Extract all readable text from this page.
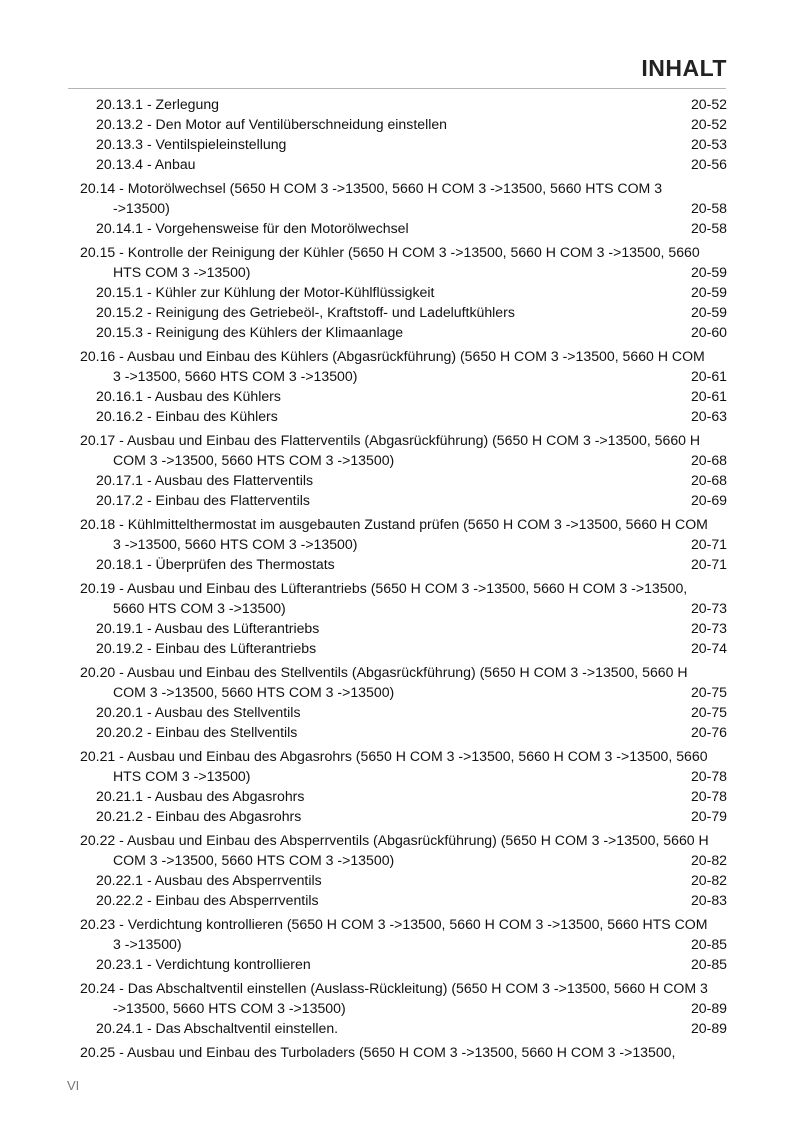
INHALT
20.13.1 - Zerlegung	20-52
20.13.2 - Den Motor auf Ventilüberschneidung einstellen	20-52
20.13.3 - Ventilspieleinstellung	20-53
20.13.4 - Anbau	20-56
20.14 - Motorölwechsel (5650 H COM 3 ->13500, 5660 H COM 3 ->13500, 5660 HTS COM 3
->13500)	20-58
20.14.1 - Vorgehensweise für den Motorölwechsel	20-58
20.15 - Kontrolle der Reinigung der Kühler (5650 H COM 3 ->13500, 5660 H COM 3 ->13500, 5660
HTS COM 3 ->13500)	20-59
20.15.1 - Kühler zur Kühlung der Motor-Kühlflüssigkeit	20-59
20.15.2 - Reinigung des Getriebeöl-, Kraftstoff- und Ladeluftkühlers	20-59
20.15.3 - Reinigung des Kühlers der Klimaanlage	20-60
20.16 - Ausbau und Einbau des Kühlers (Abgasrückführung) (5650 H COM 3 ->13500, 5660 H COM
3 ->13500, 5660 HTS COM 3 ->13500)	20-61
20.16.1 - Ausbau des Kühlers	20-61
20.16.2 - Einbau des Kühlers	20-63
20.17 - Ausbau und Einbau des Flatterventils (Abgasrückführung) (5650 H COM 3 ->13500, 5660 H
COM 3 ->13500, 5660 HTS COM 3 ->13500)	20-68
20.17.1 - Ausbau des Flatterventils	20-68
20.17.2 - Einbau des Flatterventils	20-69
20.18 - Kühlmittelthermostat im ausgebauten Zustand prüfen (5650 H COM 3 ->13500, 5660 H COM
3 ->13500, 5660 HTS COM 3 ->13500)	20-71
20.18.1 - Überprüfen des Thermostats	20-71
20.19 - Ausbau und Einbau des Lüfterantriebs (5650 H COM 3 ->13500, 5660 H COM 3 ->13500,
5660 HTS COM 3 ->13500)	20-73
20.19.1 - Ausbau des Lüfterantriebs	20-73
20.19.2 - Einbau des Lüfterantriebs	20-74
20.20 - Ausbau und Einbau des Stellventils (Abgasrückführung) (5650 H COM 3 ->13500, 5660 H
COM 3 ->13500, 5660 HTS COM 3 ->13500)	20-75
20.20.1 - Ausbau des Stellventils	20-75
20.20.2 - Einbau des Stellventils	20-76
20.21 - Ausbau und Einbau des Abgasrohrs (5650 H COM 3 ->13500, 5660 H COM 3 ->13500, 5660
HTS COM 3 ->13500)	20-78
20.21.1 - Ausbau des Abgasrohrs	20-78
20.21.2 - Einbau des Abgasrohrs	20-79
20.22 - Ausbau und Einbau des Absperrventils (Abgasrückführung) (5650 H COM 3 ->13500, 5660 H
COM 3 ->13500, 5660 HTS COM 3 ->13500)	20-82
20.22.1 - Ausbau des Absperrventils	20-82
20.22.2 - Einbau des Absperrventils	20-83
20.23 - Verdichtung kontrollieren (5650 H COM 3 ->13500, 5660 H COM 3 ->13500, 5660 HTS COM
3 ->13500)	20-85
20.23.1 - Verdichtung kontrollieren	20-85
20.24 - Das Abschaltventil einstellen (Auslass-Rückleitung) (5650 H COM 3 ->13500, 5660 H COM 3
->13500, 5660 HTS COM 3 ->13500)	20-89
20.24.1 - Das Abschaltventil einstellen.	20-89
20.25 - Ausbau und Einbau des Turboladers (5650 H COM 3 ->13500, 5660 H COM 3 ->13500,
VI
